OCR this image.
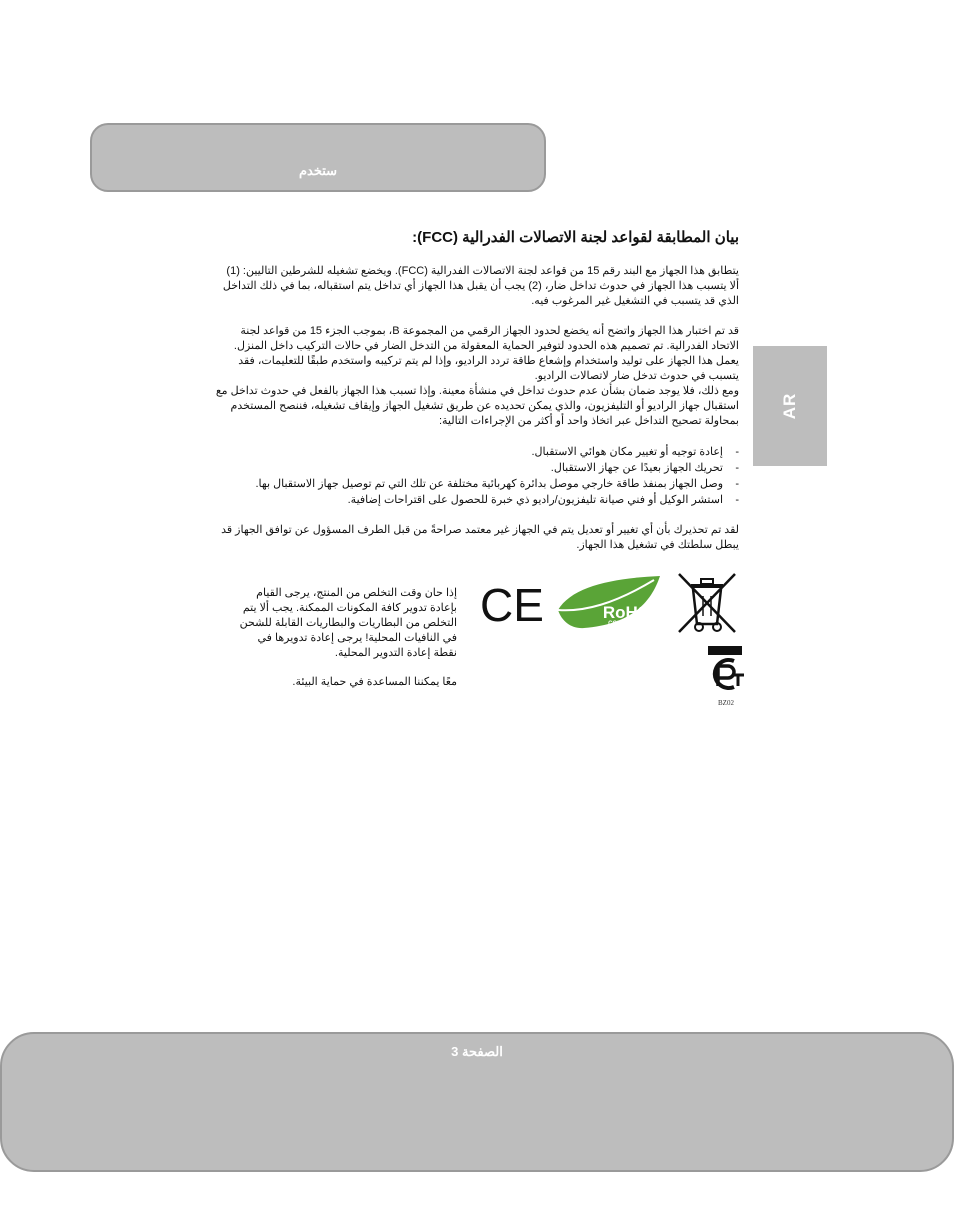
ستخدم
AR
بيان المطابقة لقواعد لجنة الاتصالات الفدرالية (FCC):

يتطابق هذا الجهاز مع البند رقم 15 من قواعد لجنة الاتصالات الفدرالية (FCC). ويخضع تشغيله للشرطين التاليين: (1) ألا يتسبب هذا الجهاز في حدوث تداخل ضار، (2) يجب أن يقبل هذا الجهاز أي تداخل يتم استقباله، بما في ذلك التداخل الذي قد يتسبب في التشغيل غير المرغوب فيه.

قد تم اختبار هذا الجهاز واتضح أنه يخضع لحدود الجهاز الرقمي من المجموعة B، بموجب الجزء 15 من قواعد لجنة الاتحاد الفدرالية. تم تصميم هذه الحدود لتوفير الحماية المعقولة من التدخل الضار في حالات التركيب داخل المنزل. يعمل هذا الجهاز على توليد واستخدام وإشعاع طاقة تردد الراديو، وإذا لم يتم تركيبه واستخدم طبقًا للتعليمات، فقد يتسبب في حدوث تدخل ضار لاتصالات الراديو.

ومع ذلك، فلا يوجد ضمان بشأن عدم حدوث تداخل في منشأة معينة. وإذا تسبب هذا الجهاز بالفعل في حدوث تداخل مع استقبال جهاز الراديو أو التليفزيون، والذي يمكن تحديده عن طريق تشغيل الجهاز وإيقاف تشغيله، فننصح المستخدم بمحاولة تصحيح التداخل عبر اتخاذ واحد أو أكثر من الإجراءات التالية:

-
إعادة توجيه أو تغيير مكان هوائي الاستقبال.
-
تحريك الجهاز بعيدًا عن جهاز الاستقبال.
-
وصل الجهاز بمنفذ طاقة خارجي موصل بدائرة كهربائية مختلفة عن تلك التي تم توصيل جهاز الاستقبال بها.
-
استشر الوكيل أو فني صيانة تليفزيون/راديو ذي خبرة للحصول على اقتراحات إضافية.

لقد تم تحذيرك بأن أي تغيير أو تعديل يتم في الجهاز غير معتمد صراحةً من قبل الطرف المسؤول عن توافق الجهاز قد يبطل سلطتك في تشغيل هذا الجهاز.

إذا حان وقت التخلص من المنتج، يرجى القيام بإعادة تدوير كافة المكونات الممكنة. يجب ألا يتم التخلص من البطاريات والبطاريات القابلة للشحن في النافيات المحلية! يرجى إعادة تدويرها في نقطة إعادة التدوير المحلية.

معًا يمكننا المساعدة في حماية البيئة.

CE	RoHS
COMPLIANT
BZ02
الصفحة 3
